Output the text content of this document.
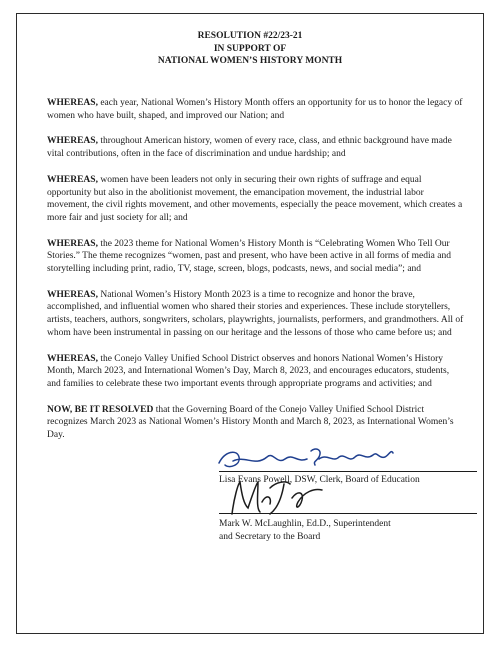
RESOLUTION #22/23-21
IN SUPPORT OF
NATIONAL WOMEN’S HISTORY MONTH

WHEREAS, each year, National Women’s History Month offers an opportunity for us to honor the legacy of women who have built, shaped, and improved our Nation; and

WHEREAS, throughout American history, women of every race, class, and ethnic background have made vital contributions, often in the face of discrimination and undue hardship; and

WHEREAS, women have been leaders not only in securing their own rights of suffrage and equal opportunity but also in the abolitionist movement, the emancipation movement, the industrial labor movement, the civil rights movement, and other movements, especially the peace movement, which creates a more fair and just society for all; and

WHEREAS, the 2023 theme for National Women’s History Month is “Celebrating Women Who Tell Our Stories.” The theme recognizes “women, past and present, who have been active in all forms of media and storytelling including print, radio, TV, stage, screen, blogs, podcasts, news, and social media”; and

WHEREAS, National Women’s History Month 2023 is a time to recognize and honor the brave, accomplished, and influential women who shared their stories and experiences. These include storytellers, artists, teachers, authors, songwriters, scholars, playwrights, journalists, performers, and grandmothers. All of whom have been instrumental in passing on our heritage and the lessons of those who came before us; and

WHEREAS, the Conejo Valley Unified School District observes and honors National Women’s History Month, March 2023, and International Women’s Day, March 8, 2023, and encourages educators, students, and families to celebrate these two important events through appropriate programs and activities; and

NOW, BE IT RESOLVED that the Governing Board of the Conejo Valley Unified School District recognizes March 2023 as National Women’s History Month and March 8, 2023, as International Women’s Day.

Lisa Evans Powell, DSW, Clerk, Board of Education
Mark W. McLaughlin, Ed.D., Superintendent
and Secretary to the Board
